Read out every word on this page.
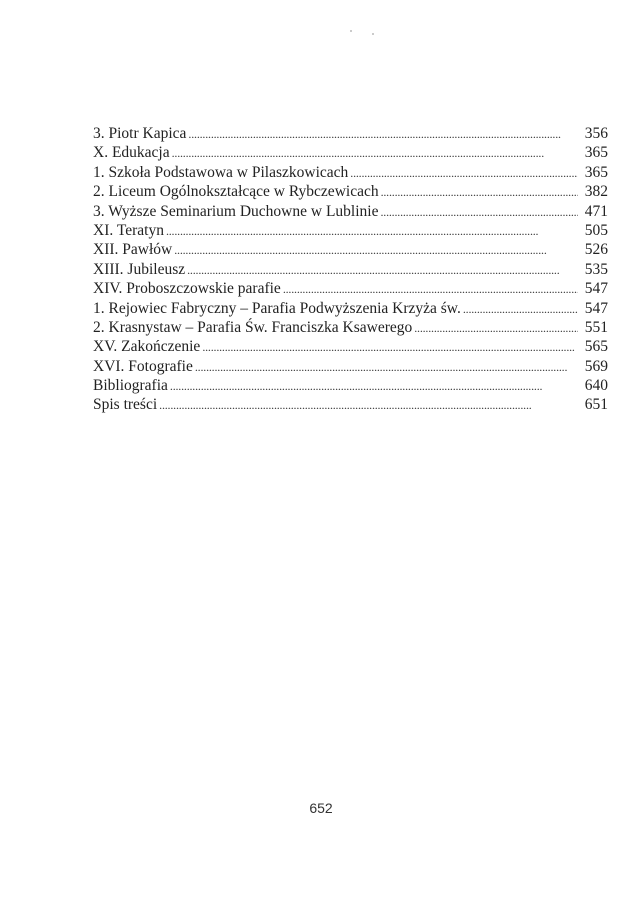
3. Piotr Kapica . . .	356
X. Edukacja . . .	365
1. Szkoła Podstawowa w Pilaszkowicach . . .	365
2. Liceum Ogólnokształcące w Rybczewicach . . .	382
3. Wyższe Seminarium Duchowne w Lublinie . . .	471
XI. Teratyn . . .	505
XII. Pawłów . . .	526
XIII. Jubileusz . . .	535
XIV. Proboszczowskie parafie . . .	547
1. Rejowiec Fabryczny – Parafia Podwyższenia Krzyża św. . . .	547
2. Krasnystaw – Parafia Św. Franciszka Ksawerego . . .	551
XV. Zakończenie . . .	565
XVI. Fotografie . . .	569
Bibliografia . . .	640
Spis treści . . .	651
652
